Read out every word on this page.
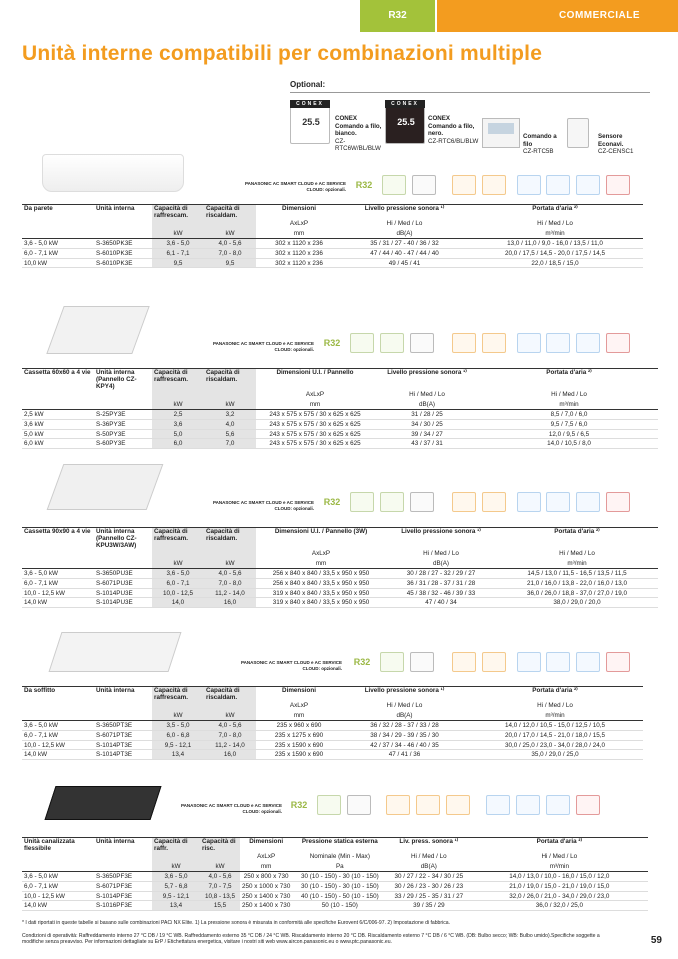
R32	COMMERCIALE
Unità interne compatibili per combinazioni multiple
Optional:
CONEX
25.5	CONEX Comando a filo, bianco.
CZ-RTC6W/BL/BLW
CONEX
25.5	CONEX Comando a filo, nero.
CZ-RTC6/BL/BLW
Comando a filo
CZ-RTC5B
Sensore Econavi.
CZ-CENSC1
PANASONIC AC SMART CLOUD e AC SERVICE CLOUD: opzionali.	R32
PANASONIC AC SMART CLOUD e AC SERVICE CLOUD: opzionali.
R32
PANASONIC AC SMART CLOUD e AC SERVICE CLOUD: opzionali.
R32
PANASONIC AC SMART CLOUD e AC SERVICE CLOUD: opzionali.
R32
PANASONIC AC SMART CLOUD e AC SERVICE CLOUD: opzionali.
R32
Da parete	Unità interna	Capacità di raffrescam.	Capacità di riscaldam.	Dimensioni	Livello pressione sonora ¹⁾	Portata d'aria ²⁾
				AxLxP	Hi / Med / Lo	Hi / Med / Lo
		kW	kW	mm	dB(A)	m³/min
3,6 - 5,0 kW	S-3650PK3E	3,6 - 5,0	4,0 - 5,6	302 x 1120 x 236	35 / 31 / 27 - 40 / 36 / 32	13,0 / 11,0 / 9,0 - 16,0 / 13,5 / 11,0
6,0 - 7,1 kW	S-6010PK3E	6,1 - 7,1	7,0 - 8,0	302 x 1120 x 236	47 / 44 / 40 - 47 / 44 / 40	20,0 / 17,5 / 14,5 - 20,0 / 17,5 / 14,5
10,0 kW	S-6010PK3E	9,5	9,5	302 x 1120 x 236	49 / 45 / 41	22,0 / 18,5 / 15,0
Cassetta 60x60 a 4 vie	Unità interna (Pannello CZ-KPY4)	Capacità di raffrescam.	Capacità di riscaldam.	Dimensioni U.I. / Pannello	Livello pressione sonora ¹⁾	Portata d'aria ²⁾
				AxLxP	Hi / Med / Lo	Hi / Med / Lo
		kW	kW	mm	dB(A)	m³/min
2,5 kW	S-25PY3E	2,5	3,2	243 x 575 x 575 / 30 x 625 x 625	31 / 28 / 25	8,5 / 7,0 / 6,0
3,6 kW	S-36PY3E	3,6	4,0	243 x 575 x 575 / 30 x 625 x 625	34 / 30 / 25	9,5 / 7,5 / 6,0
5,0 kW	S-50PY3E	5,0	5,6	243 x 575 x 575 / 30 x 625 x 625	39 / 34 / 27	12,0 / 9,5 / 6,5
6,0 kW	S-60PY3E	6,0	7,0	243 x 575 x 575 / 30 x 625 x 625	43 / 37 / 31	14,0 / 10,5 / 8,0
Cassetta 90x90 a 4 vie	Unità interna (Pannello CZ-KPU3W/3AW)	Capacità di raffrescam.	Capacità di riscaldam.	Dimensioni U.I. / Pannello (3W)	Livello pressione sonora ¹⁾	Portata d'aria ²⁾
				AxLxP	Hi / Med / Lo	Hi / Med / Lo
		kW	kW	mm	dB(A)	m³/min
3,6 - 5,0 kW	S-3650PU3E	3,6 - 5,0	4,0 - 5,6	256 x 840 x 840 / 33,5 x 950 x 950	30 / 28 / 27 - 32 / 29 / 27	14,5 / 13,0 / 11,5 - 16,5 / 13,5 / 11,5
6,0 - 7,1 kW	S-6071PU3E	6,0 - 7,1	7,0 - 8,0	256 x 840 x 840 / 33,5 x 950 x 950	36 / 31 / 28 - 37 / 31 / 28	21,0 / 16,0 / 13,8 - 22,0 / 16,0 / 13,0
10,0 - 12,5 kW	S-1014PU3E	10,0 - 12,5	11,2 - 14,0	319 x 840 x 840 / 33,5 x 950 x 950	45 / 38 / 32 - 46 / 39 / 33	36,0 / 26,0 / 18,8 - 37,0 / 27,0 / 19,0
14,0 kW	S-1014PU3E	14,0	16,0	319 x 840 x 840 / 33,5 x 950 x 950	47 / 40 / 34	38,0 / 29,0 / 20,0
Da soffitto	Unità interna	Capacità di raffrescam.	Capacità di riscaldam.	Dimensioni	Livello pressione sonora ¹⁾	Portata d'aria ²⁾
				AxLxP	Hi / Med / Lo	Hi / Med / Lo
		kW	kW	mm	dB(A)	m³/min
3,6 - 5,0 kW	S-3650PT3E	3,5 - 5,0	4,0 - 5,6	235 x 960 x 690	36 / 32 / 28 - 37 / 33 / 28	14,0 / 12,0 / 10,5 - 15,0 / 12,5 / 10,5
6,0 - 7,1 kW	S-6071PT3E	6,0 - 6,8	7,0 - 8,0	235 x 1275 x 690	38 / 34 / 29 - 39 / 35 / 30	20,0 / 17,0 / 14,5 - 21,0 / 18,0 / 15,5
10,0 - 12,5 kW	S-1014PT3E	9,5 - 12,1	11,2 - 14,0	235 x 1590 x 690	42 / 37 / 34 - 46 / 40 / 35	30,0 / 25,0 / 23,0 - 34,0 / 28,0 / 24,0
14,0 kW	S-1014PT3E	13,4	16,0	235 x 1590 x 690	47 / 41 / 36	35,0 / 29,0 / 25,0
Unità canalizzata flessibile	Unità interna	Capacità di raffr.	Capacità di risc.	Dimensioni	Pressione statica esterna	Liv. press. sonora ¹⁾	Portata d'aria ²⁾
				AxLxP	Nominale (Min - Max)	Hi / Med / Lo	Hi / Med / Lo
		kW	kW	mm	Pa	dB(A)	m³/min
3,6 - 5,0 kW	S-3650PF3E	3,6 - 5,0	4,0 - 5,6	250 x 800 x 730	30 (10 - 150) - 30 (10 - 150)	30 / 27 / 22 - 34 / 30 / 25	14,0 / 13,0 / 10,0 - 16,0 / 15,0 / 12,0
6,0 - 7,1 kW	S-6071PF3E	5,7 - 6,8	7,0 - 7,5	250 x 1000 x 730	30 (10 - 150) - 30 (10 - 150)	30 / 26 / 23 - 30 / 26 / 23	21,0 / 19,0 / 15,0 - 21,0 / 19,0 / 15,0
10,0 - 12,5 kW	S-1014PF3E	9,5 - 12,1	10,8 - 13,5	250 x 1400 x 730	40 (10 - 150) - 50 (10 - 150)	33 / 29 / 25 - 35 / 31 / 27	32,0 / 26,0 / 21,0 - 34,0 / 29,0 / 23,0
14,0 kW	S-1016PF3E	13,4	15,5	250 x 1400 x 730	50 (10 - 150)	39 / 35 / 29	36,0 / 32,0 / 25,0
* I dati riportati in queste tabelle si basano sulle combinazioni PACi NX Elite. 1) La pressione sonora è misurata in conformità alle specifiche Eurovent 6/C/006-97. 2) Impostazione di fabbrica.
Condizioni di operatività: Raffreddamento interno 27 °C DB / 19 °C WB. Raffreddamento esterno 35 °C DB / 24 °C WB. Riscaldamento interno 20 °C DB. Riscaldamento esterno 7 °C DB / 6 °C WB. (DB: Bulbo secco; WB: Bulbo umido).Specifiche soggette a modifiche senza preavviso. Per informazioni dettagliate su ErP / Etichettatura energetica, visitare i nostri siti web www.aircon.panasonic.eu o www.ptc.panasonic.eu.	59
